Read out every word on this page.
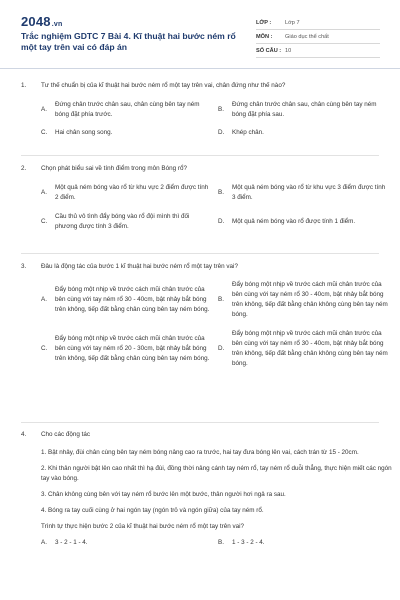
2048.vn
Trắc nghiệm GDTC 7 Bài 4. Kĩ thuật hai bước ném rổ một tay trên vai có đáp án
LỚP :	Lớp 7
MÔN :	Giáo dục thể chất
SỐ CÂU : 10
1.	Tư thế chuẩn bị của kĩ thuật hai bước ném rổ một tay trên vai, chân đứng như thế nào?
A.
Đứng chân trước chân sau, chân cùng bên tay ném bóng đặt phía trước.
B.
Đứng chân trước chân sau, chân cùng bên tay ném bóng đặt phía sau.
C.	Hai chân song song.	D.	Khép chân.
2.	Chọn phát biểu sai về tính điểm trong môn Bóng rổ?
A.
Một quả ném bóng vào rổ từ khu vực 2 điểm được tính 2 điểm.
B.
Một quả ném bóng vào rổ từ khu vực 3 điểm được tính 3 điểm.
C.
Cầu thủ vô tình đẩy bóng vào rổ đội mình thì đối phương được tính 3 điểm.
D.	Một quả ném bóng vào rổ được tính 1 điểm.
3.	Đâu là động tác của bước 1 kĩ thuật hai bước ném rổ một tay trên vai?
A.
Đẩy bóng một nhịp về trước cách mũi chân trước của bên cùng với tay ném rổ 30 - 40cm, bật nhảy bắt bóng trên không, tiếp đất bằng chân cùng bên tay ném bóng.
B.
Đẩy bóng một nhịp về trước cách mũi chân trước của bên cùng với tay ném rổ 30 - 40cm, bật nhảy bắt bóng trên không, tiếp đất bằng chân không cùng bên tay ném bóng.
C.
Đẩy bóng một nhịp về trước cách mũi chân trước của bên cùng với tay ném rổ 20 - 30cm, bật nhảy bắt bóng trên không, tiếp đất bằng chân cùng bên tay ném bóng.
D.
Đẩy bóng một nhịp về trước cách mũi chân trước của bên cùng với tay ném rổ 30 - 40cm, bật nhảy bắt bóng trên không, tiếp đất bằng chân không cùng bên tay ném bóng.
4.	Cho các động tác

1. Bật nhảy, đùi chân cùng bên tay ném bóng nâng cao ra trước, hai tay đưa bóng lên vai, cách trán từ 15 - 20cm.

2. Khi thân người bật lên cao nhất thì hạ đùi, đồng thời nâng cánh tay ném rổ, tay ném rổ duỗi thẳng, thực hiện miết các ngón tay vào bóng.

3. Chân không cùng bên với tay ném rổ bước lên một bước, thân người hơi ngả ra sau.

4. Bóng ra tay cuối cùng ở hai ngón tay (ngón trỏ và ngón giữa) của tay ném rổ.

Trình tự thực hiện bước 2 của kĩ thuật hai bước ném rổ một tay trên vai?

A.	3 - 2 - 1 - 4.	B.	1 - 3 - 2 - 4.
